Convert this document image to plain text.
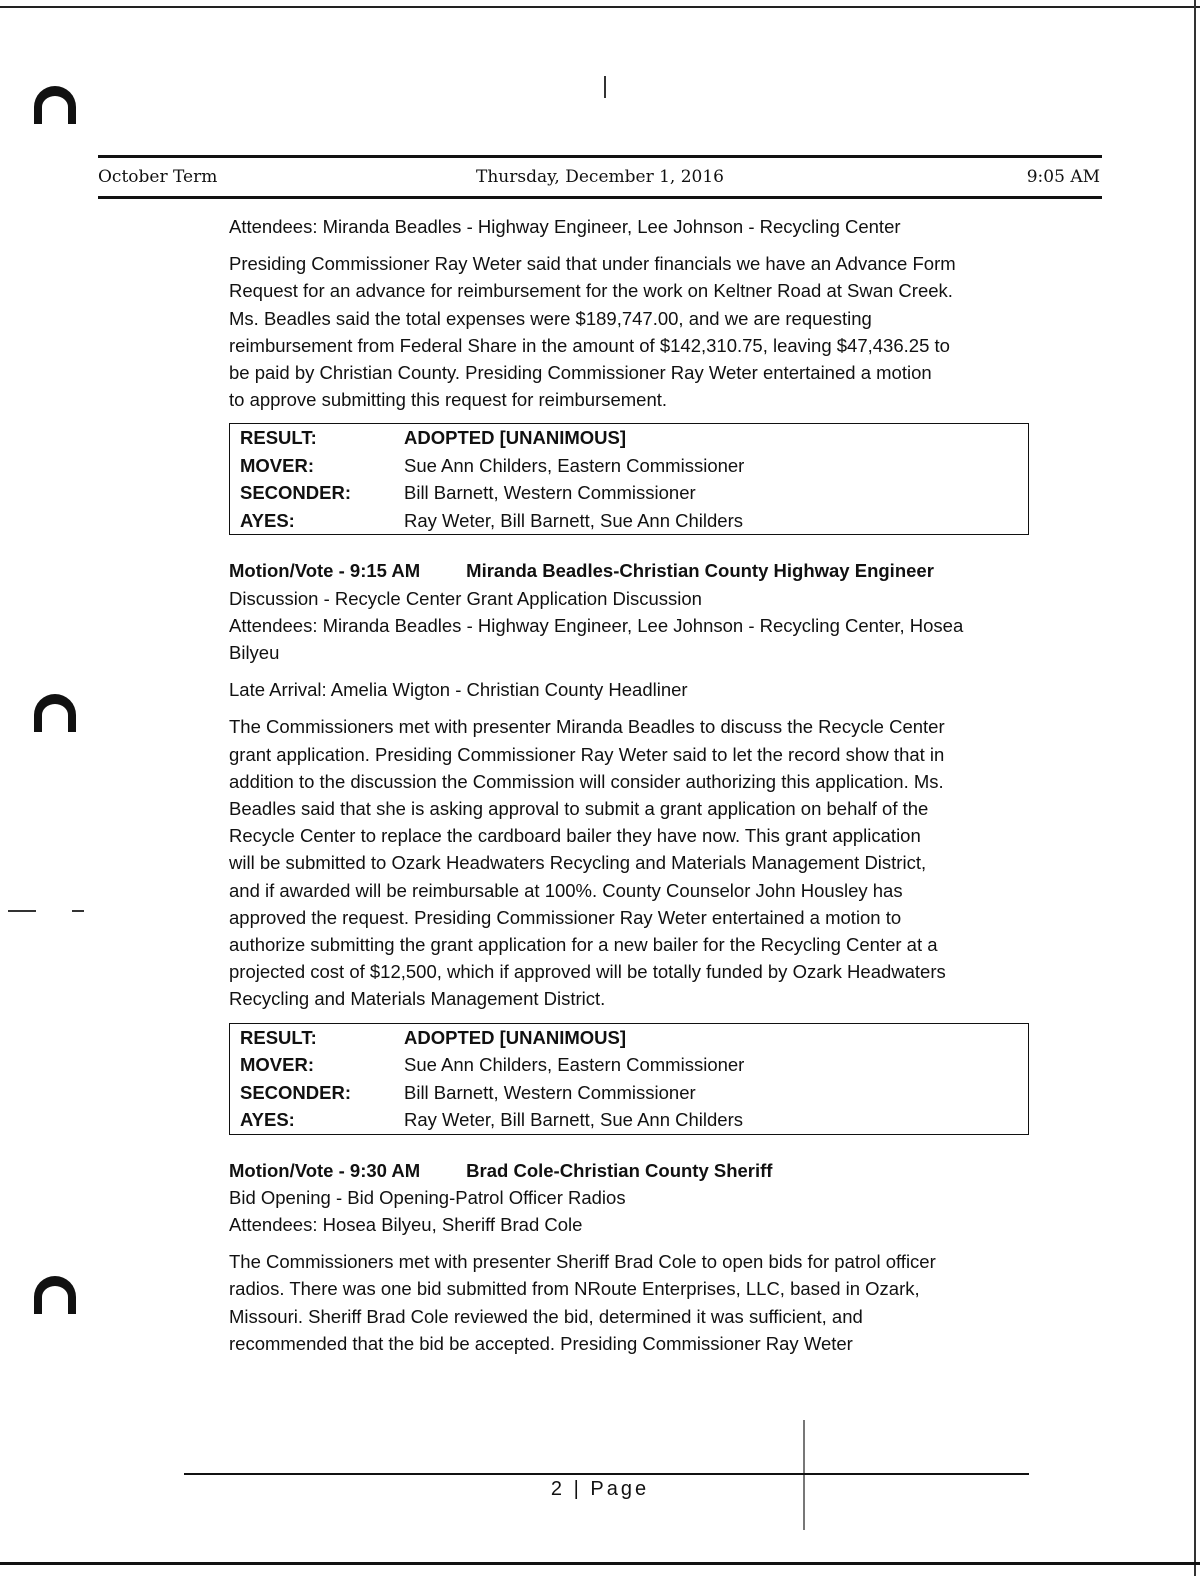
October Term	Thursday, December 1, 2016	9:05 AM

Attendees: Miranda Beadles - Highway Engineer, Lee Johnson - Recycling Center

Presiding Commissioner Ray Weter said that under financials we have an Advance Form

Request for an advance for reimbursement for the work on Keltner Road at Swan Creek.

Ms. Beadles said the total expenses were $189,747.00, and we are requesting

reimbursement from Federal Share in the amount of $142,310.75, leaving $47,436.25 to

be paid by Christian County. Presiding Commissioner Ray Weter entertained a motion

to approve submitting this request for reimbursement.

RESULT:	ADOPTED [UNANIMOUS]
MOVER:	Sue Ann Childers, Eastern Commissioner
SECONDER:	Bill Barnett, Western Commissioner
AYES:	Ray Weter, Bill Barnett, Sue Ann Childers

Motion/Vote - 9:15 AM Miranda Beadles-Christian County Highway Engineer

Discussion - Recycle Center Grant Application Discussion

Attendees: Miranda Beadles - Highway Engineer, Lee Johnson - Recycling Center, Hosea

Bilyeu

Late Arrival: Amelia Wigton - Christian County Headliner

The Commissioners met with presenter Miranda Beadles to discuss the Recycle Center

grant application. Presiding Commissioner Ray Weter said to let the record show that in

addition to the discussion the Commission will consider authorizing this application. Ms.

Beadles said that she is asking approval to submit a grant application on behalf of the

Recycle Center to replace the cardboard bailer they have now. This grant application

will be submitted to Ozark Headwaters Recycling and Materials Management District,

and if awarded will be reimbursable at 100%. County Counselor John Housley has

approved the request. Presiding Commissioner Ray Weter entertained a motion to

authorize submitting the grant application for a new bailer for the Recycling Center at a

projected cost of $12,500, which if approved will be totally funded by Ozark Headwaters

Recycling and Materials Management District.

RESULT:	ADOPTED [UNANIMOUS]
MOVER:	Sue Ann Childers, Eastern Commissioner
SECONDER:	Bill Barnett, Western Commissioner
AYES:	Ray Weter, Bill Barnett, Sue Ann Childers

Motion/Vote - 9:30 AM Brad Cole-Christian County Sheriff

Bid Opening - Bid Opening-Patrol Officer Radios

Attendees: Hosea Bilyeu, Sheriff Brad Cole

The Commissioners met with presenter Sheriff Brad Cole to open bids for patrol officer

radios. There was one bid submitted from NRoute Enterprises, LLC, based in Ozark,

Missouri. Sheriff Brad Cole reviewed the bid, determined it was sufficient, and

recommended that the bid be accepted. Presiding Commissioner Ray Weter

2 | Page
